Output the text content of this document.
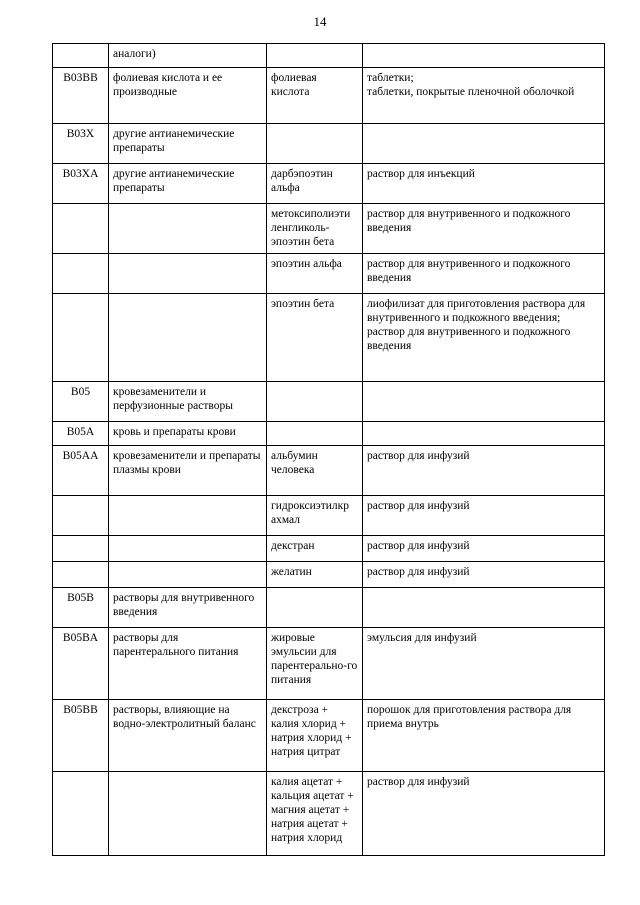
14
	аналоги)		
B03BB	фолиевая кислота и ее производные	фолиевая кислота	таблетки;
таблетки, покрытые пленочной оболочкой

B03X	другие антианемические препараты		
B03XA	другие антианемические препараты	дарбэпоэтин альфа	раствор для инъекций

		метоксиполиэти ленгликоль-эпоэтин бета	раствор для внутривенного и подкожного введения

		эпоэтин альфа	раствор для внутривенного и подкожного введения

		эпоэтин бета	лиофилизат для приготовления раствора для внутривенного и подкожного введения;
раствор для внутривенного и подкожного введения

B05	кровезаменители и перфузионные растворы		
B05A	кровь и препараты крови		
B05AA	кровезаменители и препараты плазмы крови	альбумин человека	раствор для инфузий

		гидроксиэтилкр ахмал	раствор для инфузий

		декстран	раствор для инфузий

		желатин	раствор для инфузий

B05B	растворы для внутривенного введения		
B05BA	растворы для парентерального питания	жировые эмульсии для парентерально-го питания	эмульсия для инфузий

B05BB	растворы, влияющие на водно-электролитный баланс	декстроза + калия хлорид + натрия хлорид + натрия цитрат	порошок для приготовления раствора для приема внутрь

		калия ацетат + кальция ацетат + магния ацетат + натрия ацетат + натрия хлорид	раствор для инфузий
